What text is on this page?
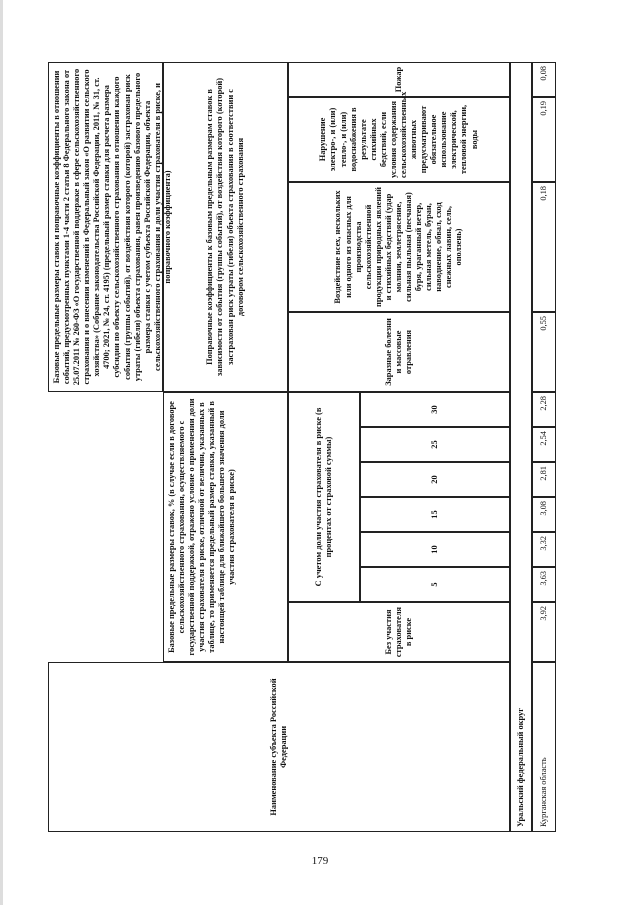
Базовые предельные размеры ставок и поправочные коэффициенты в отношении событий, предусмотренных пунктами 1-4 части 2 статьи 8 Федерального закона от 25.07.2011 № 260-ФЗ «О государственной поддержке в сфере сельскохозяйственного страхования и о внесении изменений в Федеральный закон «О развитии сельского хозяйства» (Собрание законодательства Российской Федерации, 2011, № 31, ст. 4700; 2021, № 24, ст. 4195) (предельный размер ставки для расчета размера субсидии по объекту сельскохозяйственного страхования в отношении каждого события (группы событий), от воздействия которого (которой) застрахован риск утраты (гибели) объекта страхования, равен произведению базового предельного размера ставки с учетом субъекта Российской Федерации, объекта сельскохозяйственного страхования и доли участия страхователя в риске, и поправочного коэффициента)
Наименование субъекта Российской Федерации
Базовые предельные размеры ставок, % (в случае если в договоре сельскохозяйственного страхования, осуществляемого с государственной поддержкой, отражено условие о применении доли участия страхователя в риске, отличной от величин, указанных в таблице, то применяется предельный размер ставки, указанный в настоящей таблице для ближайшего большего значения доли участия страхователя в риске)
Поправочные коэффициенты к базовым предельным размерам ставок в зависимости от события (группы событий), от воздействия которого (которой) застрахован риск утраты (гибели) объекта страхования в соответствии с договором сельскохозяйственного страхования
Без участия страхователя в риске
С учетом доли участия страхователя в риске (в процентах от страховой суммы)
5
10
15
20
25
30
Заразные болезни и массовые отравления
Воздействие всех, нескольких или одного из опасных для производства сельскохозяйственной продукции природных явлений и стихийных бедствий (удар молнии, землетрясение, сильная пыльная (песчаная) буря, ураганный ветер, сильная метель, буран, наводнение, обвал, сход снежных лавин, сель, оползень)
Нарушение электро-, и (или) тепло-, и (или) водоснабжения в результате стихийных бедствий, если условия содержания сельскохозяйственных животных предусматривают обязательное использование электрической, тепловой энергии, воды
Пожар
Уральский федеральный округ Курганская область
3,92
3,63
3,32
3,08
2,81
2,54
2,28
0,55
0,18
0,19
0,08
179
